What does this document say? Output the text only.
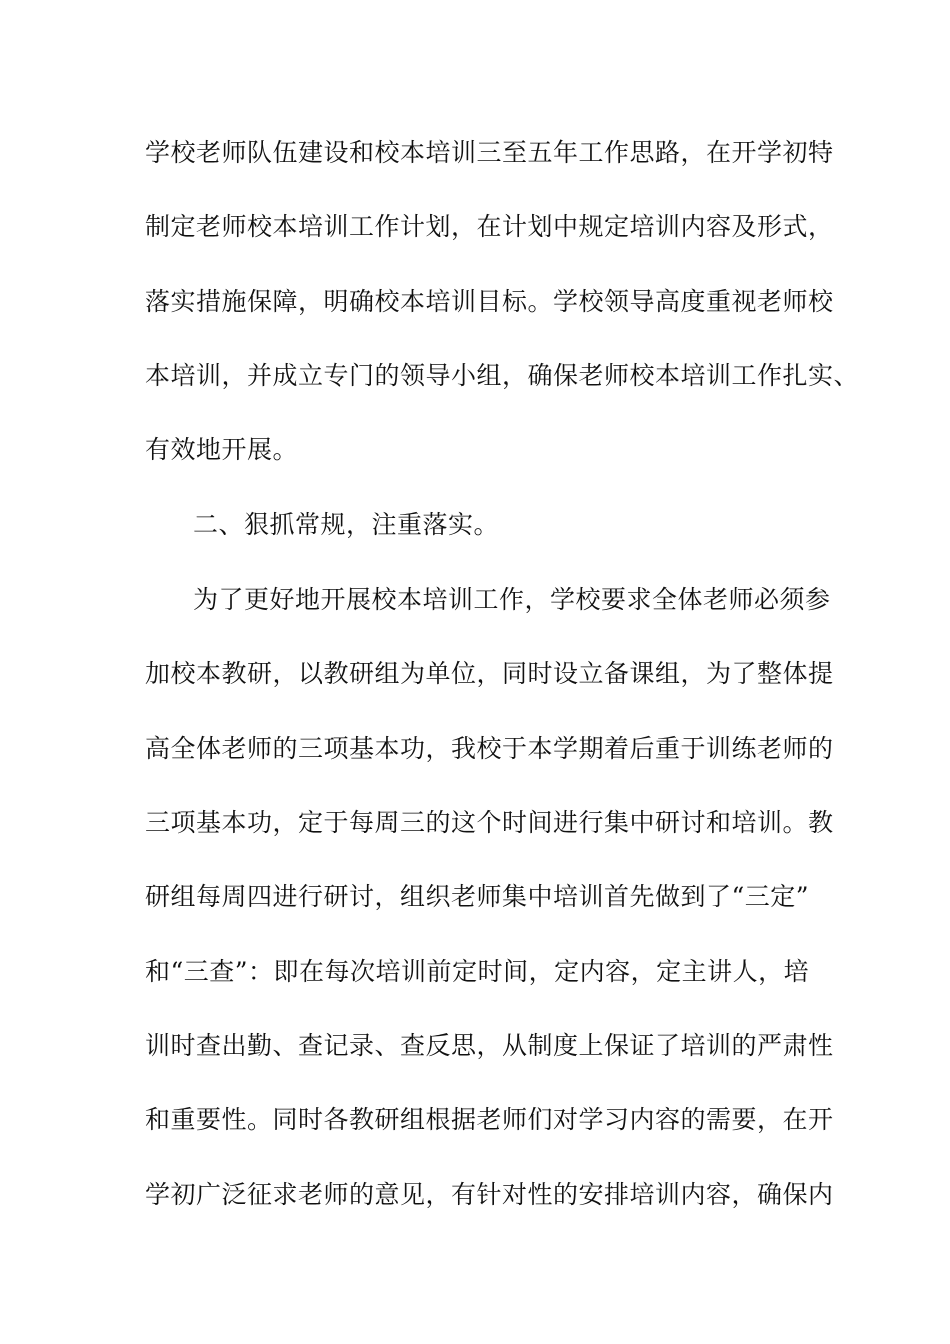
学校老师队伍建设和校本培训三至五年工作思路，在开学初特
制定老师校本培训工作计划，在计划中规定培训内容及形式，
落实措施保障，明确校本培训目标。学校领导高度重视老师校
本培训，并成立专门的领导小组，确保老师校本培训工作扎实、
有效地开展。
二、狠抓常规，注重落实。
为了更好地开展校本培训工作，学校要求全体老师必须参
加校本教研，以教研组为单位，同时设立备课组，为了整体提
高全体老师的三项基本功，我校于本学期着后重于训练老师的
三项基本功，定于每周三的这个时间进行集中研讨和培训。教
研组每周四进行研讨，组织老师集中培训首先做到了“三定”
和“三查”：即在每次培训前定时间，定内容，定主讲人，培
训时查出勤、查记录、查反思，从制度上保证了培训的严肃性
和重要性。同时各教研组根据老师们对学习内容的需要，在开
学初广泛征求老师的意见，有针对性的安排培训内容，确保内
